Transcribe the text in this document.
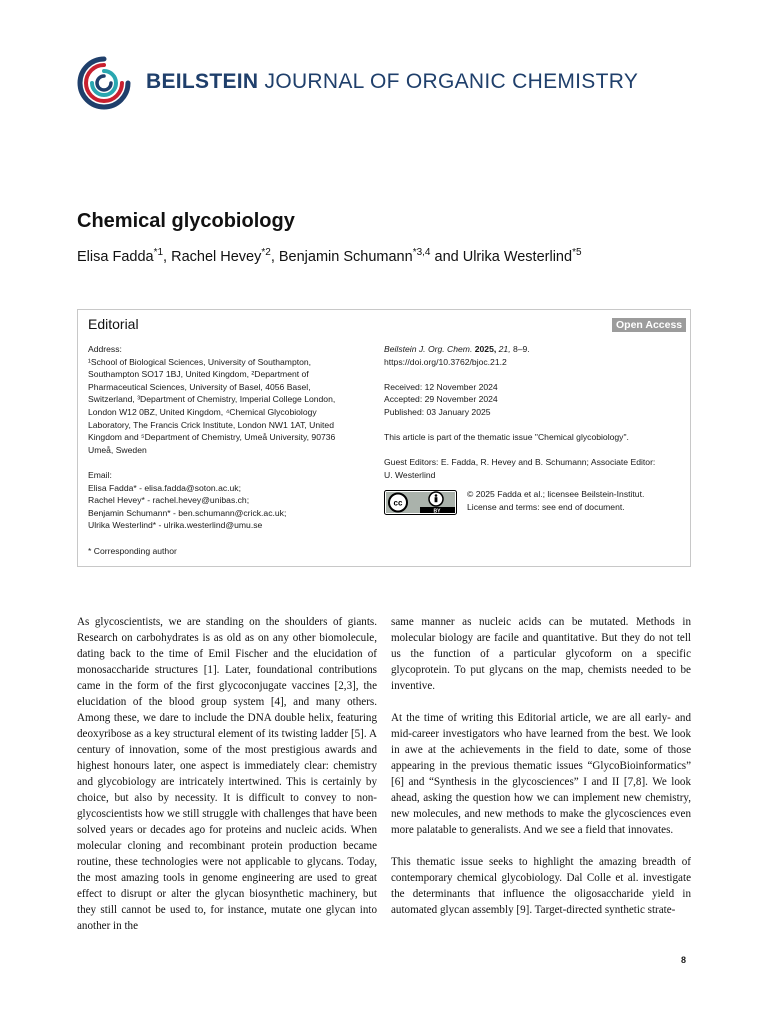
BEILSTEIN JOURNAL OF ORGANIC CHEMISTRY
Chemical glycobiology
Elisa Fadda$^{*1}$, Rachel Hevey$^{*2}$, Benjamin Schumann$^{*3,4}$ and Ulrika Westerlind$^{*5}$
Editorial	Open Access
Address:
¹School of Biological Sciences, University of Southampton,
Southampton SO17 1BJ, United Kingdom, ²Department of
Pharmaceutical Sciences, University of Basel, 4056 Basel,
Switzerland, ³Department of Chemistry, Imperial College London,
London W12 0BZ, United Kingdom, ⁴Chemical Glycobiology
Laboratory, The Francis Crick Institute, London NW1 1AT, United
Kingdom and ⁵Department of Chemistry, Umeå University, 90736
Umeå, Sweden
Email:
Elisa Fadda* - elisa.fadda@soton.ac.uk;
Rachel Hevey* - rachel.hevey@unibas.ch;
Benjamin Schumann* - ben.schumann@crick.ac.uk;
Ulrika Westerlind* - ulrika.westerlind@umu.se
* Corresponding author
Beilstein J. Org. Chem. 2025, 21, 8–9.
https://doi.org/10.3762/bjoc.21.2
Received: 12 November 2024
Accepted: 29 November 2024
Published: 03 January 2025
This article is part of the thematic issue "Chemical glycobiology".
Guest Editors: E. Fadda, R. Hevey and B. Schumann; Associate Editor:
U. Westerlind
cc
BY
© 2025 Fadda et al.; licensee Beilstein-Institut.
License and terms: see end of document.

As glycoscientists, we are standing on the shoulders of giants. Research on carbohydrates is as old as on any other biomolecule, dating back to the time of Emil Fischer and the elucidation of monosaccharide structures [1]. Later, foundational contributions came in the form of the first glycoconjugate vaccines [2,3], the elucidation of the blood group system [4], and many others. Among these, we dare to include the DNA double helix, featuring deoxyribose as a key structural element of its twisting ladder [5]. A century of innovation, some of the most prestigious awards and highest honours later, one aspect is immediately clear: chemistry and glycobiology are intricately intertwined. This is certainly by choice, but also by necessity. It is difficult to convey to non-glycoscientists how we still struggle with challenges that have been solved years or decades ago for proteins and nucleic acids. When molecular cloning and recombinant protein production became routine, these technologies were not applicable to glycans. Today, the most amazing tools in genome engineering are used to great effect to disrupt or alter the glycan biosynthetic machinery, but they still cannot be used to, for instance, mutate one glycan into another in the

same manner as nucleic acids can be mutated. Methods in molecular biology are facile and quantitative. But they do not tell us the function of a particular glycoform on a specific glycoprotein. To put glycans on the map, chemists needed to be inventive.

At the time of writing this Editorial article, we are all early- and mid-career investigators who have learned from the best. We look in awe at the achievements in the field to date, some of those appearing in the previous thematic issues “GlycoBioinformatics” [6] and “Synthesis in the glycosciences” I and II [7,8]. We look ahead, asking the question how we can implement new chemistry, new molecules, and new methods to make the glycosciences even more palatable to generalists. And we see a field that innovates.

This thematic issue seeks to highlight the amazing breadth of contemporary chemical glycobiology. Dal Colle et al. investigate the determinants that influence the oligosaccharide yield in automated glycan assembly [9]. Target-directed synthetic strate-

8
